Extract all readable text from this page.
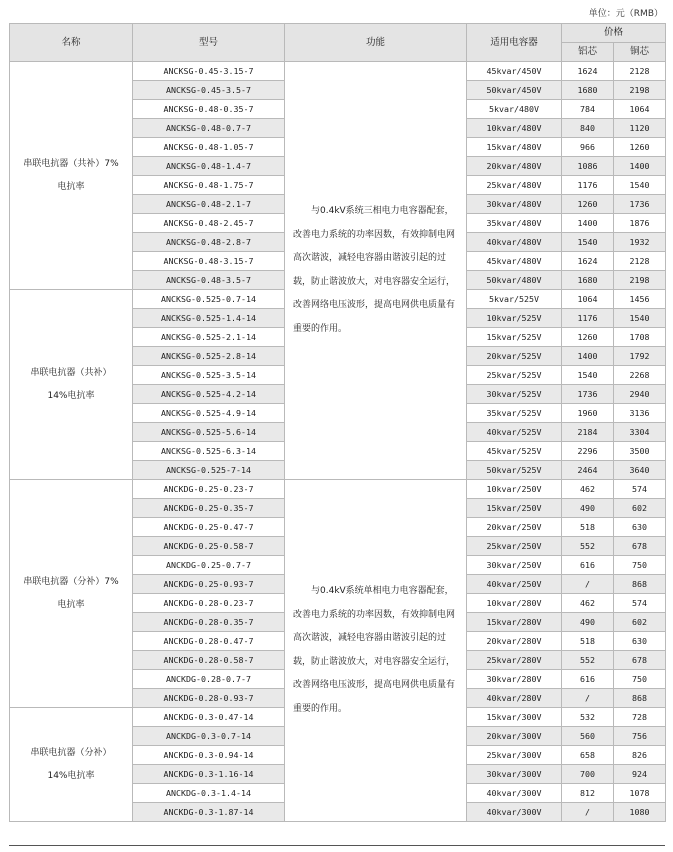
单位：元（RMB）
名称	型号	功能	适用电容器	价格	
				铝芯	铜芯

串联电抗器（共补）7%
电抗率	ANCKSG-0.45-3.15-7	与0.4kV系统三相电力电容器配套，改善电力系统的功率因数，有效抑制电网高次谐波，减轻电容器由谐波引起的过载，防止谐波放大，对电容器安全运行，改善网络电压波形，提高电网供电质量有重要的作用。	45kvar/450V	1624	2128
	ANCKSG-0.45-3.5-7		50kvar/450V	1680	2198
	ANCKSG-0.48-0.35-7		5kvar/480V	784	1064
	ANCKSG-0.48-0.7-7		10kvar/480V	840	1120
	ANCKSG-0.48-1.05-7		15kvar/480V	966	1260
	ANCKSG-0.48-1.4-7		20kvar/480V	1086	1400
	ANCKSG-0.48-1.75-7		25kvar/480V	1176	1540
	ANCKSG-0.48-2.1-7		30kvar/480V	1260	1736
	ANCKSG-0.48-2.45-7		35kvar/480V	1400	1876
	ANCKSG-0.48-2.8-7		40kvar/480V	1540	1932
	ANCKSG-0.48-3.15-7		45kvar/480V	1624	2128
	ANCKSG-0.48-3.5-7		50kvar/480V	1680	2198

串联电抗器（共补）
14%电抗率	ANCKSG-0.525-0.7-14		5kvar/525V	1064	1456
	ANCKSG-0.525-1.4-14		10kvar/525V	1176	1540
	ANCKSG-0.525-2.1-14		15kvar/525V	1260	1708
	ANCKSG-0.525-2.8-14		20kvar/525V	1400	1792
	ANCKSG-0.525-3.5-14		25kvar/525V	1540	2268
	ANCKSG-0.525-4.2-14		30kvar/525V	1736	2940
	ANCKSG-0.525-4.9-14		35kvar/525V	1960	3136
	ANCKSG-0.525-5.6-14		40kvar/525V	2184	3304
	ANCKSG-0.525-6.3-14		45kvar/525V	2296	3500
	ANCKSG-0.525-7-14		50kvar/525V	2464	3640

串联电抗器（分补）7%
电抗率	ANCKDG-0.25-0.23-7	与0.4kV系统单相电力电容器配套，改善电力系统的功率因数，有效抑制电网高次谐波，减轻电容器由谐波引起的过载，防止谐波放大，对电容器安全运行，改善网络电压波形，提高电网供电质量有重要的作用。	10kvar/250V	462	574
	ANCKDG-0.25-0.35-7		15kvar/250V	490	602
	ANCKDG-0.25-0.47-7		20kvar/250V	518	630
	ANCKDG-0.25-0.58-7		25kvar/250V	552	678
	ANCKDG-0.25-0.7-7		30kvar/250V	616	750
	ANCKDG-0.25-0.93-7		40kvar/250V	/	868
	ANCKDG-0.28-0.23-7		10kvar/280V	462	574
	ANCKDG-0.28-0.35-7		15kvar/280V	490	602
	ANCKDG-0.28-0.47-7		20kvar/280V	518	630
	ANCKDG-0.28-0.58-7		25kvar/280V	552	678
	ANCKDG-0.28-0.7-7		30kvar/280V	616	750
	ANCKDG-0.28-0.93-7		40kvar/280V	/	868

串联电抗器（分补）
14%电抗率	ANCKDG-0.3-0.47-14		15kvar/300V	532	728
	ANCKDG-0.3-0.7-14		20kvar/300V	560	756
	ANCKDG-0.3-0.94-14		25kvar/300V	658	826
	ANCKDG-0.3-1.16-14		30kvar/300V	700	924
	ANCKDG-0.3-1.4-14		40kvar/300V	812	1078
	ANCKDG-0.3-1.87-14		40kvar/300V	/	1080
